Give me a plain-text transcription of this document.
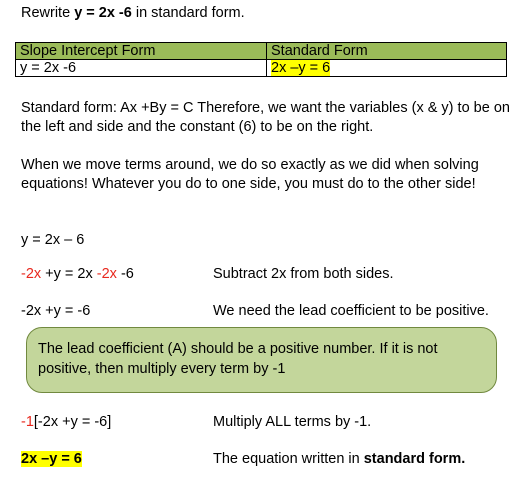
Rewrite y = 2x -6 in standard form.
Slope Intercept Form	Standard Form
y = 2x -6	2x –y = 6
Standard form: Ax +By = C Therefore, we want the variables (x & y) to be on the left and side and the constant (6) to be on the right.
When we move terms around, we do so exactly as we did when solving equations! Whatever you do to one side, you must do to the other side!
y = 2x – 6
-2x +y = 2x -2x -6	Subtract 2x from both sides.
-2x +y = -6	We need the lead coefficient to be positive.
The lead coefficient (A) should be a positive number. If it is not positive, then multiply every term by -1
-1[-2x +y = -6]	Multiply ALL terms by -1.
2x –y = 6	The equation written in standard form.
